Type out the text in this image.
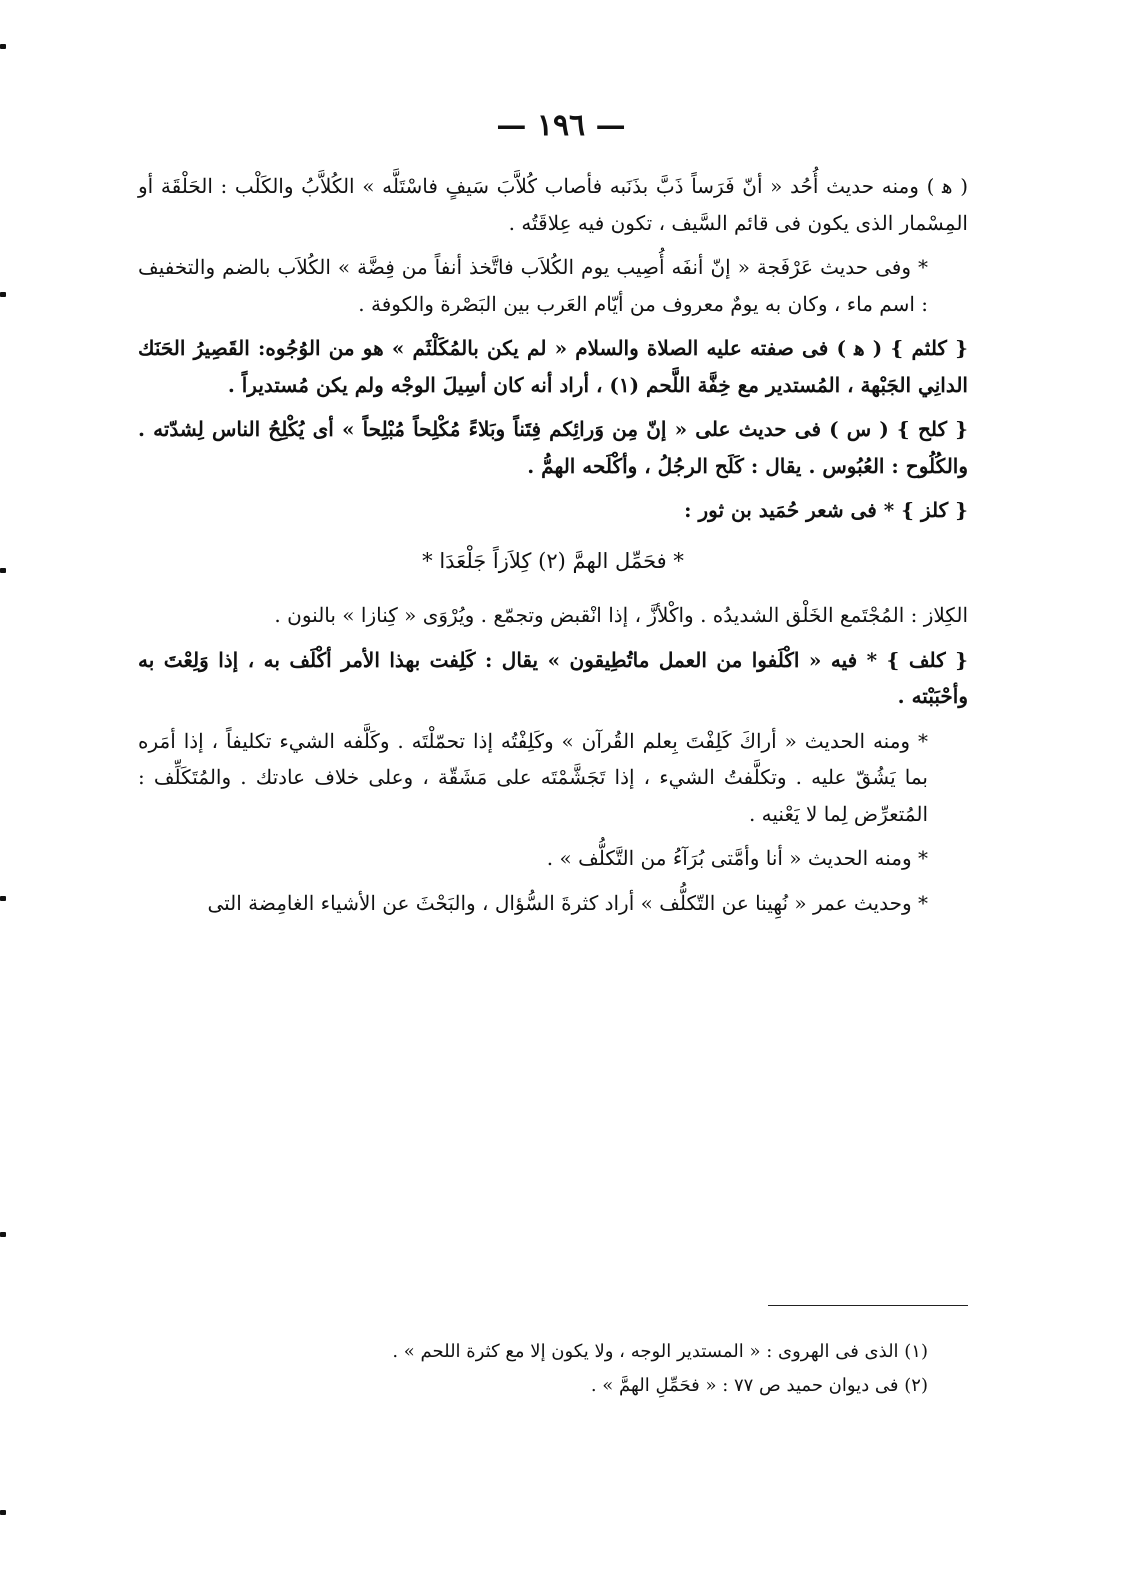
— ١٩٦ —

( ﻫ ) ومنه حديث أُحُد « أنّ فَرَساً ذَبَّ بذَنَبه فأصاب كُلاَّبَ سَيفٍ فاسْتَلَّه » الكُلاَّبُ والكَلْب : الحَلْقَة أو المِسْمار الذى يكون فى قائم السَّيف ، تكون فيه عِلاقَتُه .

* وفى حديث عَرْفَجة « إنّ أنفَه أُصِيب يوم الكُلاَب فاتَّخذ أنفاً من فِضَّة » الكُلاَب بالضم والتخفيف : اسم ماء ، وكان به يومٌ معروف من أيّام العَرب بين البَصْرة والكوفة .

{ كلثم } ( ﻫ ) فى صفته عليه الصلاة والسلام « لم يكن بالمُكَلْثَم » هو من الوُجُوه: القَصِيرُ الحَنَك الدانِي الجَبْهة ، المُستدير مع خِفَّة اللَّحم (١) ، أراد أنه كان أسِيلَ الوجْه ولم يكن مُستديراً .

{ كلح } ( س ) فى حديث على « إنّ مِن وَرائِكم فِتَناً وبَلاءً مُكْلِحاً مُبْلِحاً » أى يُكْلِحُ الناس لِشدّته . والكُلُوح : العُبُوس . يقال : كَلَح الرجُلُ ، وأكْلَحه الهمُّ .

{ كلز } * فى شعر حُمَيد بن ثور :

* فحَمِّل الهمَّ (٢) كِلاَزاً جَلْعَدَا *

الكِلاز : المُجْتَمع الخَلْق الشديدُه . واكْلأزَّ ، إذا انْقبض وتجمّع . ويُرْوَى « كِنازا » بالنون .

{ كلف } * فيه « اكْلَفوا من العمل ماتُطِيقون » يقال : كَلِفت بهذا الأمر أكْلَف به ، إذا وَلِعْتَ به وأحْبَبْته .

* ومنه الحديث « أراكَ كَلِفْتَ بِعلم القُرآن » وكَلِفْتُه إذا تحمّلْتَه . وكَلَّفه الشيء تكليفاً ، إذا أمَره بما يَشُقّ عليه . وتكلَّفتُ الشيء ، إذا تَجَشَّمْتَه على مَشَقّة ، وعلى خلاف عادتك . والمُتَكَلِّف : المُتعرِّض لِما لا يَعْنيه .

* ومنه الحديث « أنا وأمَّتى بُرَآءُ من التَّكلُّف » .

* وحديث عمر « نُهِينا عن التّكلُّف » أراد كثرةَ السُّؤال ، والبَحْثَ عن الأشياء الغامِضة التى

(١) الذى فى الهروى : « المستدير الوجه ، ولا يكون إلا مع كثرة اللحم » .
(٢) فى ديوان حميد ص ٧٧ : « فحَمِّلِ الهمَّ » .
